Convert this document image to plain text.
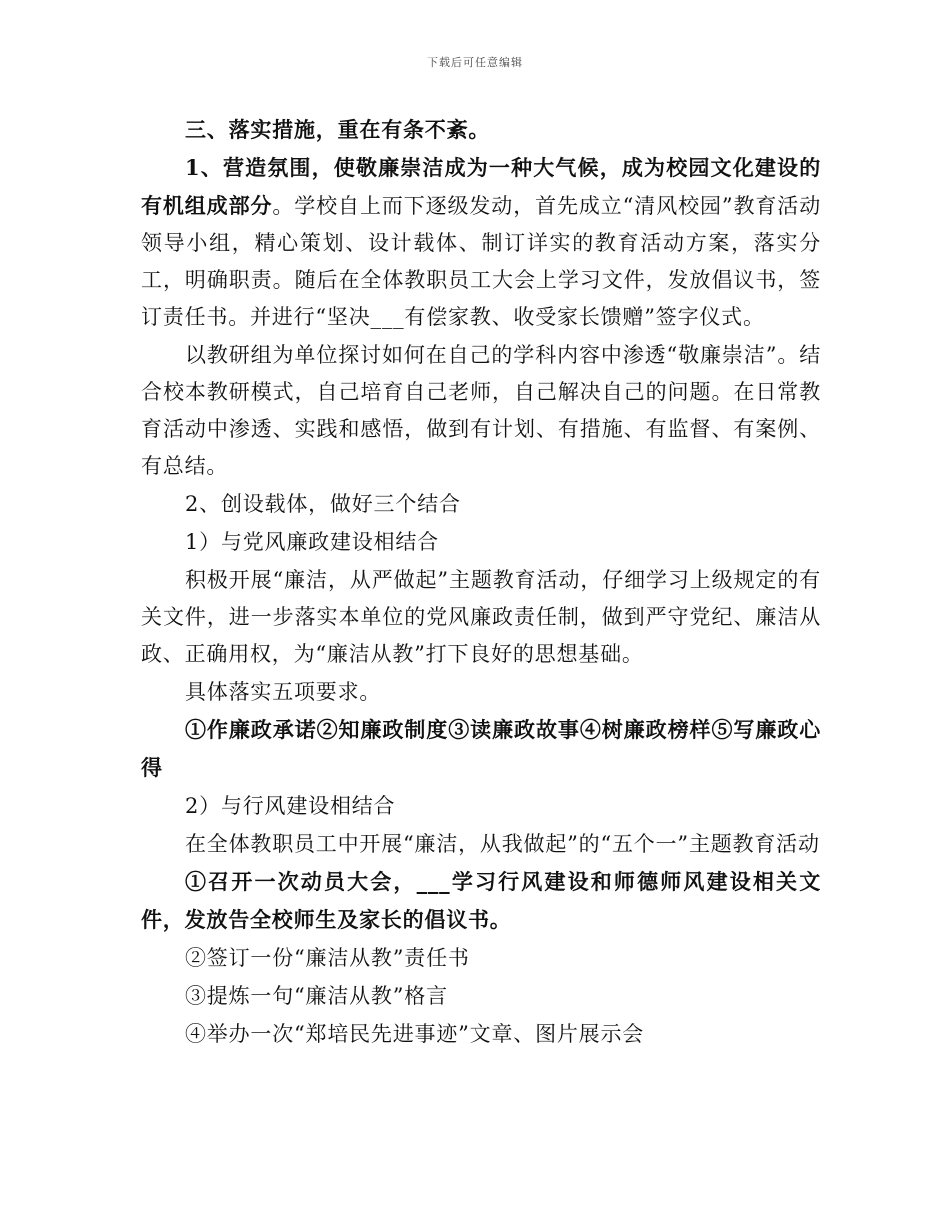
下载后可任意编辑

三、落实措施，重在有条不紊。

1、营造氛围，使敬廉崇洁成为一种大气候，成为校园文化建设的有机组成部分。学校自上而下逐级发动，首先成立“清风校园”教育活动领导小组，精心策划、设计载体、制订详实的教育活动方案，落实分工，明确职责。随后在全体教职员工大会上学习文件，发放倡议书，签订责任书。并进行“坚决___有偿家教、收受家长馈赠”签字仪式。

以教研组为单位探讨如何在自己的学科内容中渗透“敬廉崇洁”。结合校本教研模式，自己培育自己老师，自己解决自己的问题。在日常教育活动中渗透、实践和感悟，做到有计划、有措施、有监督、有案例、有总结。

2、创设载体，做好三个结合

1）与党风廉政建设相结合

积极开展“廉洁，从严做起”主题教育活动，仔细学习上级规定的有关文件，进一步落实本单位的党风廉政责任制，做到严守党纪、廉洁从政、正确用权，为“廉洁从教”打下良好的思想基础。

具体落实五项要求。

①作廉政承诺②知廉政制度③读廉政故事④树廉政榜样⑤写廉政心得

2）与行风建设相结合

在全体教职员工中开展“廉洁，从我做起”的“五个一”主题教育活动

①召开一次动员大会，___学习行风建设和师德师风建设相关文件，发放告全校师生及家长的倡议书。

②签订一份“廉洁从教”责任书

③提炼一句“廉洁从教”格言

④举办一次“郑培民先进事迹”文章、图片展示会
